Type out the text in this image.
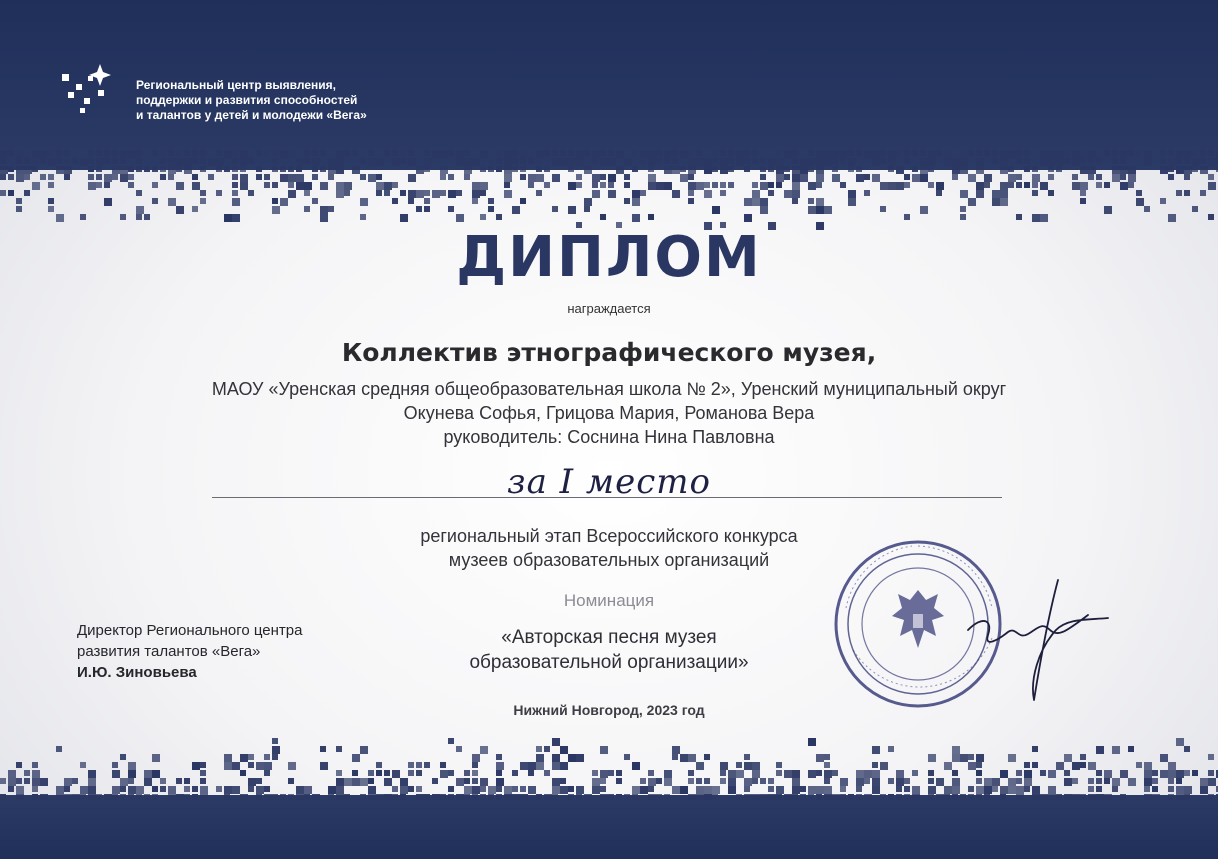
Региональный центр выявления,
поддержки и развития способностей
и талантов у детей и молодежи «Вега»
ДИПЛОМ
награждается
Коллектив этнографического музея,
МАОУ «Уренская средняя общеобразовательная школа № 2», Уренский муниципальный округ
Окунева Софья, Грицова Мария, Романова Вера
руководитель: Соснина Нина Павловна
за I место
региональный этап Всероссийского конкурса
музеев образовательных организаций
Номинация
«Авторская песня музея
образовательной организации»
Нижний Новгород, 2023 год
Директор Регионального центра
развития талантов «Вега»
И.Ю. Зиновьева
